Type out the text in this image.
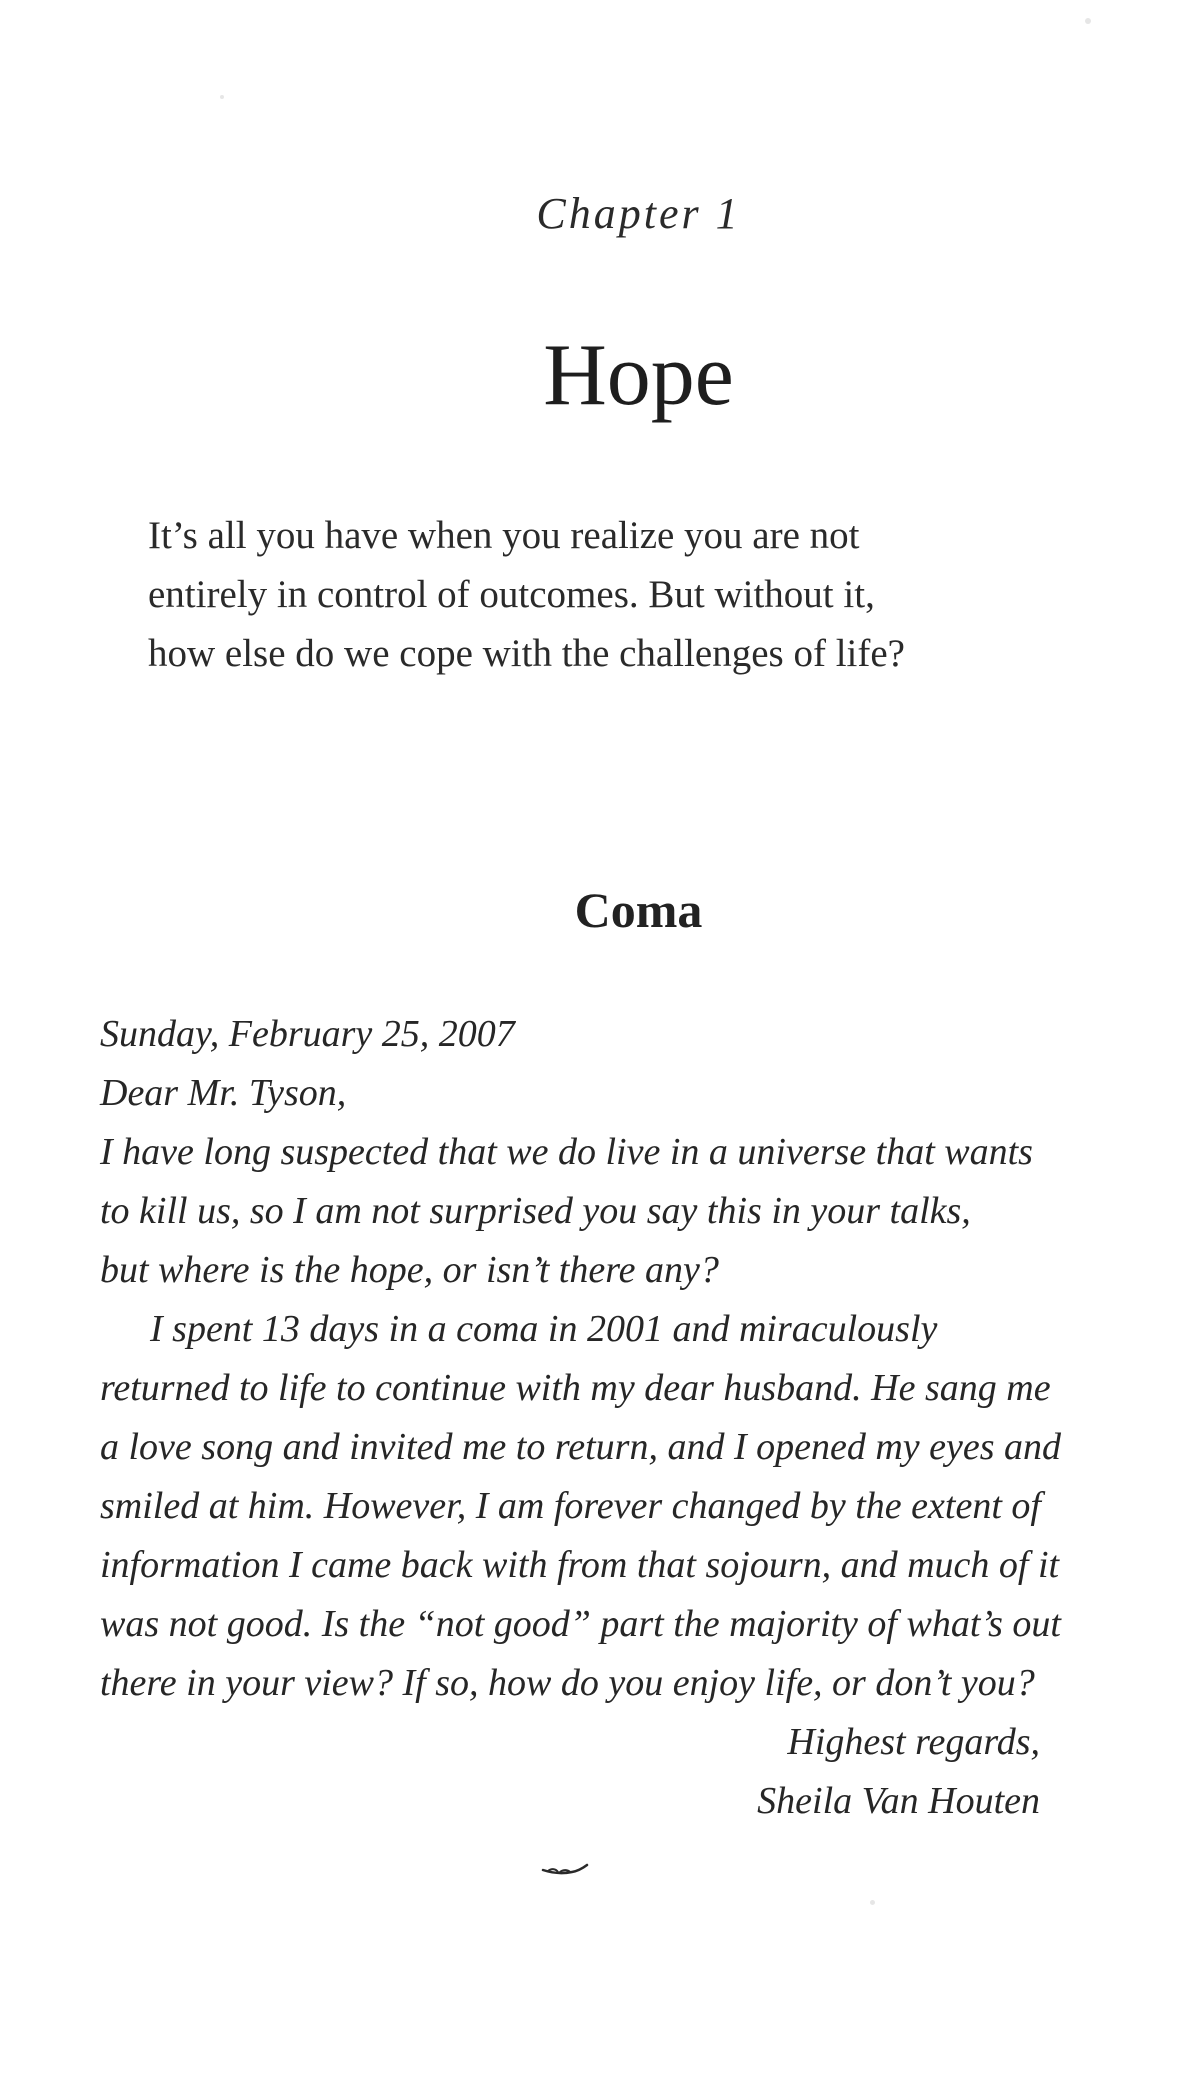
Chapter 1
Hope

It’s all you have when you realize you are not

entirely in control of outcomes. But without it,

how else do we cope with the challenges of life?

Coma
Sunday, February 25, 2007
Dear Mr. Tyson,
I have long suspected that we do live in a universe that wants
to kill us, so I am not surprised you say this in your talks,
but where is the hope, or isn’t there any?
I spent 13 days in a coma in 2001 and miraculously
returned to life to continue with my dear husband. He sang me
a love song and invited me to return, and I opened my eyes and
smiled at him. However, I am forever changed by the extent of
information I came back with from that sojourn, and much of it
was not good. Is the “not good” part the majority of what’s out
there in your view? If so, how do you enjoy life, or don’t you?
Highest regards,
Sheila Van Houten
